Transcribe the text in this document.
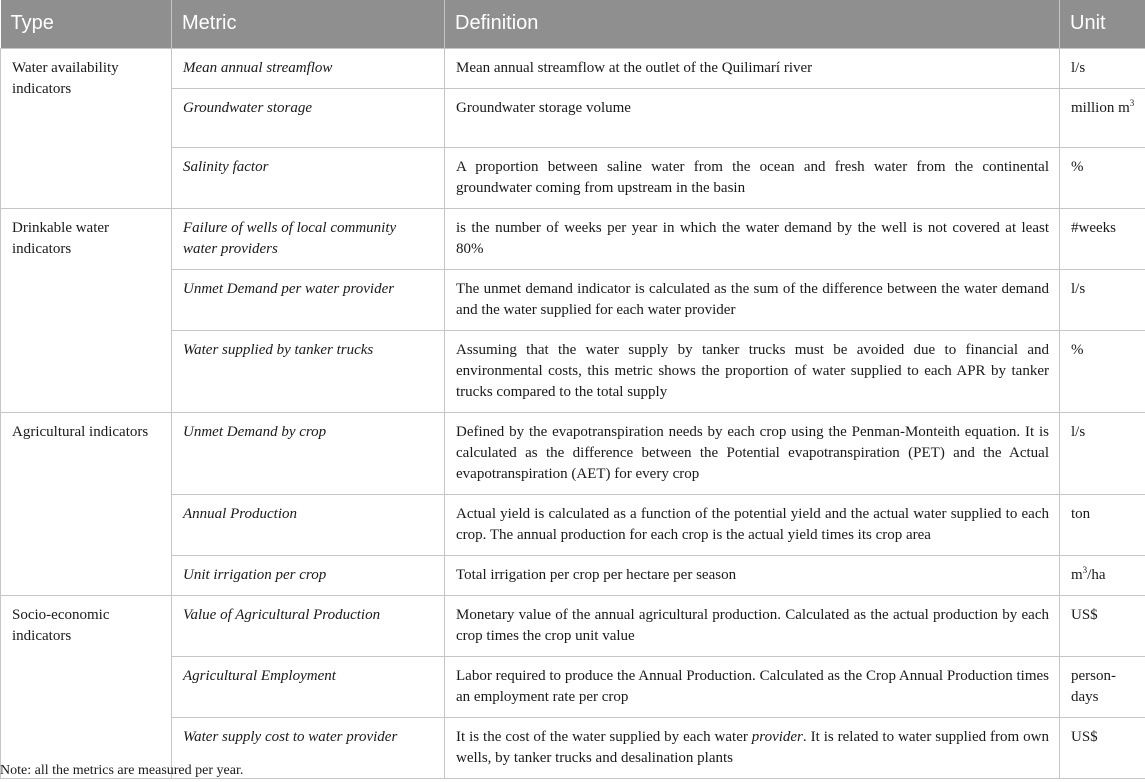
Type	Metric	Definition	Unit
Water availability indicators	Mean annual streamflow	Mean annual streamflow at the outlet of the Quilimarí river	l/s
	Groundwater storage	Groundwater storage volume	million $m^3$
	Salinity factor	A proportion between saline water from the ocean and fresh water from the continental groundwater coming from upstream in the basin	%
Drinkable water indicators	Failure of wells of local community water providers	is the number of weeks per year in which the water demand by the well is not covered at least 80%	#weeks
	Unmet Demand per water provider	The unmet demand indicator is calculated as the sum of the difference between the water demand and the water supplied for each water provider	l/s
	Water supplied by tanker trucks	Assuming that the water supply by tanker trucks must be avoided due to financial and environmental costs, this metric shows the proportion of water supplied to each APR by tanker trucks compared to the total supply	%
Agricultural indicators	Unmet Demand by crop	Defined by the evapotranspiration needs by each crop using the Penman-Monteith equation. It is calculated as the difference between the Potential evapotranspiration (PET) and the Actual evapotranspiration (AET) for every crop	l/s
	Annual Production	Actual yield is calculated as a function of the potential yield and the actual water supplied to each crop. The annual production for each crop is the actual yield times its crop area	ton
	Unit irrigation per crop	Total irrigation per crop per hectare per season	$m^3/ha$
Socio-economic indicators	Value of Agricultural Production	Monetary value of the annual agricultural production. Calculated as the actual production by each crop times the crop unit value	US$
	Agricultural Employment	Labor required to produce the Annual Production. Calculated as the Crop Annual Production times an employment rate per crop	person-days
	Water supply cost to water provider	It is the cost of the water supplied by each water provider. It is related to water supplied from own wells, by tanker trucks and desalination plants	US$
Note: all the metrics are measured per year.
